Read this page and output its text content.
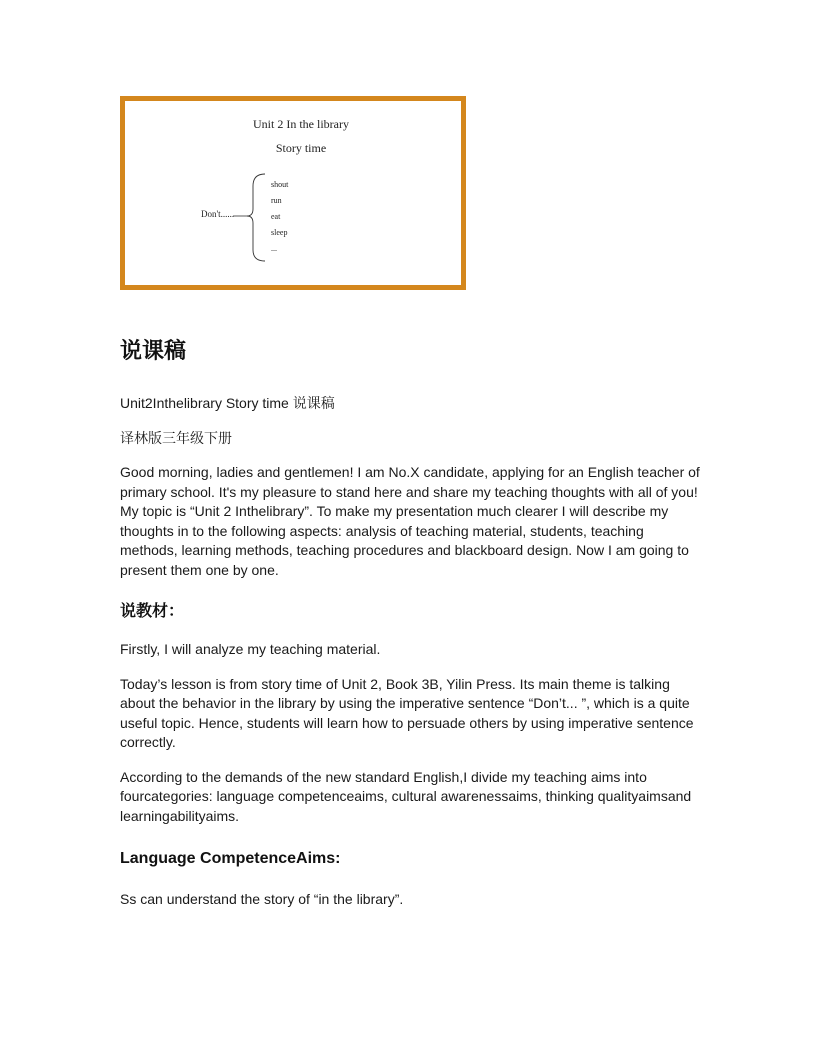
Unit 2 In the library
Story time
Don't......
shout
run
eat
sleep
...
说课稿

Unit2Inthelibrary Story time 说课稿

译林版三年级下册

Good morning, ladies and gentlemen! I am No.X candidate, applying for an English teacher of primary school. It's my pleasure to stand here and share my teaching thoughts with all of you! My topic is “Unit 2 Inthelibrary”. To make my presentation much clearer I will describe my thoughts in to the following aspects: analysis of teaching material, students, teaching methods, learning methods, teaching procedures and blackboard design. Now I am going to present them one by one.

说教材：

Firstly, I will analyze my teaching material.

Today’s lesson is from story time of Unit 2, Book 3B, Yilin Press. Its main theme is talking about the behavior in the library by using the imperative sentence “Don’t... ”, which is a quite useful topic. Hence, students will learn how to persuade others by using imperative sentence correctly.

According to the demands of the new standard English,I divide my teaching aims into fourcategories: language competenceaims, cultural awarenessaims, thinking qualityaimsand learningabilityaims.

Language CompetenceAims:

Ss can understand the story of “in the library”.
